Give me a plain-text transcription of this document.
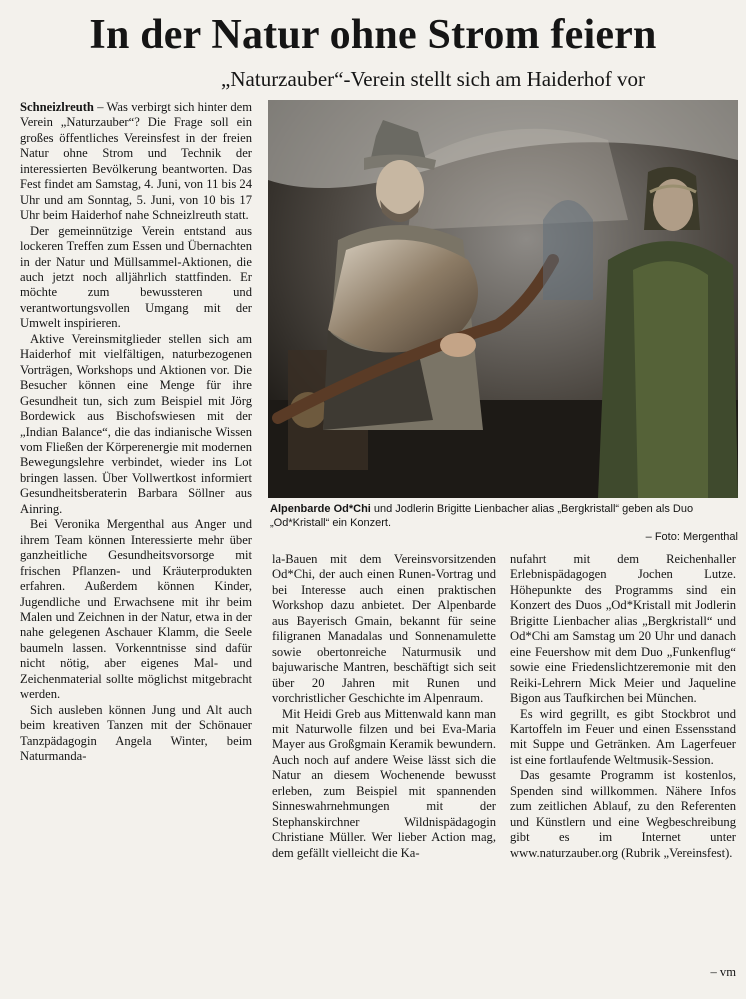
In der Natur ohne Strom feiern
„Naturzauber“-Verein stellt sich am Haiderhof vor

Schneizlreuth – Was verbirgt sich hinter dem Verein „Naturzauber“? Die Frage soll ein großes öffentliches Vereinsfest in der freien Natur ohne Strom und Technik der interessierten Bevölkerung beantworten. Das Fest findet am Samstag, 4. Juni, von 11 bis 24 Uhr und am Sonntag, 5. Juni, von 10 bis 17 Uhr beim Haiderhof nahe Schneizlreuth statt.

Der gemeinnützige Verein entstand aus lockeren Treffen zum Essen und Übernachten in der Natur und Müllsammel-Aktionen, die auch jetzt noch alljährlich stattfinden. Er möchte zum bewussteren und verantwortungsvollen Umgang mit der Umwelt inspirieren.

Aktive Vereinsmitglieder stellen sich am Haiderhof mit vielfältigen, naturbezogenen Vorträgen, Workshops und Aktionen vor. Die Besucher können eine Menge für ihre Gesundheit tun, sich zum Beispiel mit Jörg Bordewick aus Bischofswiesen mit der „Indian Balance“, die das indianische Wissen vom Fließen der Körperenergie mit modernen Bewegungslehre verbindet, wieder ins Lot bringen lassen. Über Vollwertkost informiert Gesundheitsberaterin Barbara Söllner aus Ainring.

Bei Veronika Mergenthal aus Anger und ihrem Team können Interessierte mehr über ganzheitliche Gesundheitsvorsorge mit frischen Pflanzen- und Kräuterprodukten erfahren. Außerdem können Kinder, Jugendliche und Erwachsene mit ihr beim Malen und Zeichnen in der Natur, etwa in der nahe gelegenen Aschauer Klamm, die Seele baumeln lassen. Vorkenntnisse sind dafür nicht nötig, aber eigenes Mal- und Zeichenmaterial sollte möglichst mitgebracht werden.

Sich ausleben können Jung und Alt auch beim kreativen Tanzen mit der Schönauer Tanzpädagogin Angela Winter, beim Naturmanda-

Alpenbarde Od*Chi und Jodlerin Brigitte Lienbacher alias „Bergkristall“ geben als Duo „Od*Kristall“ ein Konzert.
– Foto: Mergenthal

la-Bauen mit dem Vereinsvorsitzenden Od*Chi, der auch einen Runen-Vortrag und bei Interesse auch einen praktischen Workshop dazu anbietet. Der Alpenbarde aus Bayerisch Gmain, bekannt für seine filigranen Manadalas und Sonnenamulette sowie obertonreiche Naturmusik und bajuwarische Mantren, beschäftigt sich seit über 20 Jahren mit Runen und vorchristlicher Geschichte im Alpenraum.

Mit Heidi Greb aus Mittenwald kann man mit Naturwolle filzen und bei Eva-Maria Mayer aus Großgmain Keramik bewundern. Auch noch auf andere Weise lässt sich die Natur an diesem Wochenende bewusst erleben, zum Beispiel mit spannenden Sinneswahrnehmungen mit der Stephanskirchner Wildnispädagogin Christiane Müller. Wer lieber Action mag, dem gefällt vielleicht die Ka-

nufahrt mit dem Reichenhaller Erlebnispädagogen Jochen Lutze. Höhepunkte des Programms sind ein Konzert des Duos „Od*Kristall mit Jodlerin Brigitte Lienbacher alias „Bergkristall“ und Od*Chi am Samstag um 20 Uhr und danach eine Feuershow mit dem Duo „Funkenflug“ sowie eine Friedenslichtzeremonie mit den Reiki-Lehrern Mick Meier und Jaqueline Bigon aus Taufkirchen bei München.

Es wird gegrillt, es gibt Stockbrot und Kartoffeln im Feuer und einen Essensstand mit Suppe und Getränken. Am Lagerfeuer ist eine fortlaufende Weltmusik-Session.

Das gesamte Programm ist kostenlos, Spenden sind willkommen. Nähere Infos zum zeitlichen Ablauf, zu den Referenten und Künstlern und eine Wegbeschreibung gibt es im Internet unter www.naturzauber.org (Rubrik „Vereinsfest).

– vm
